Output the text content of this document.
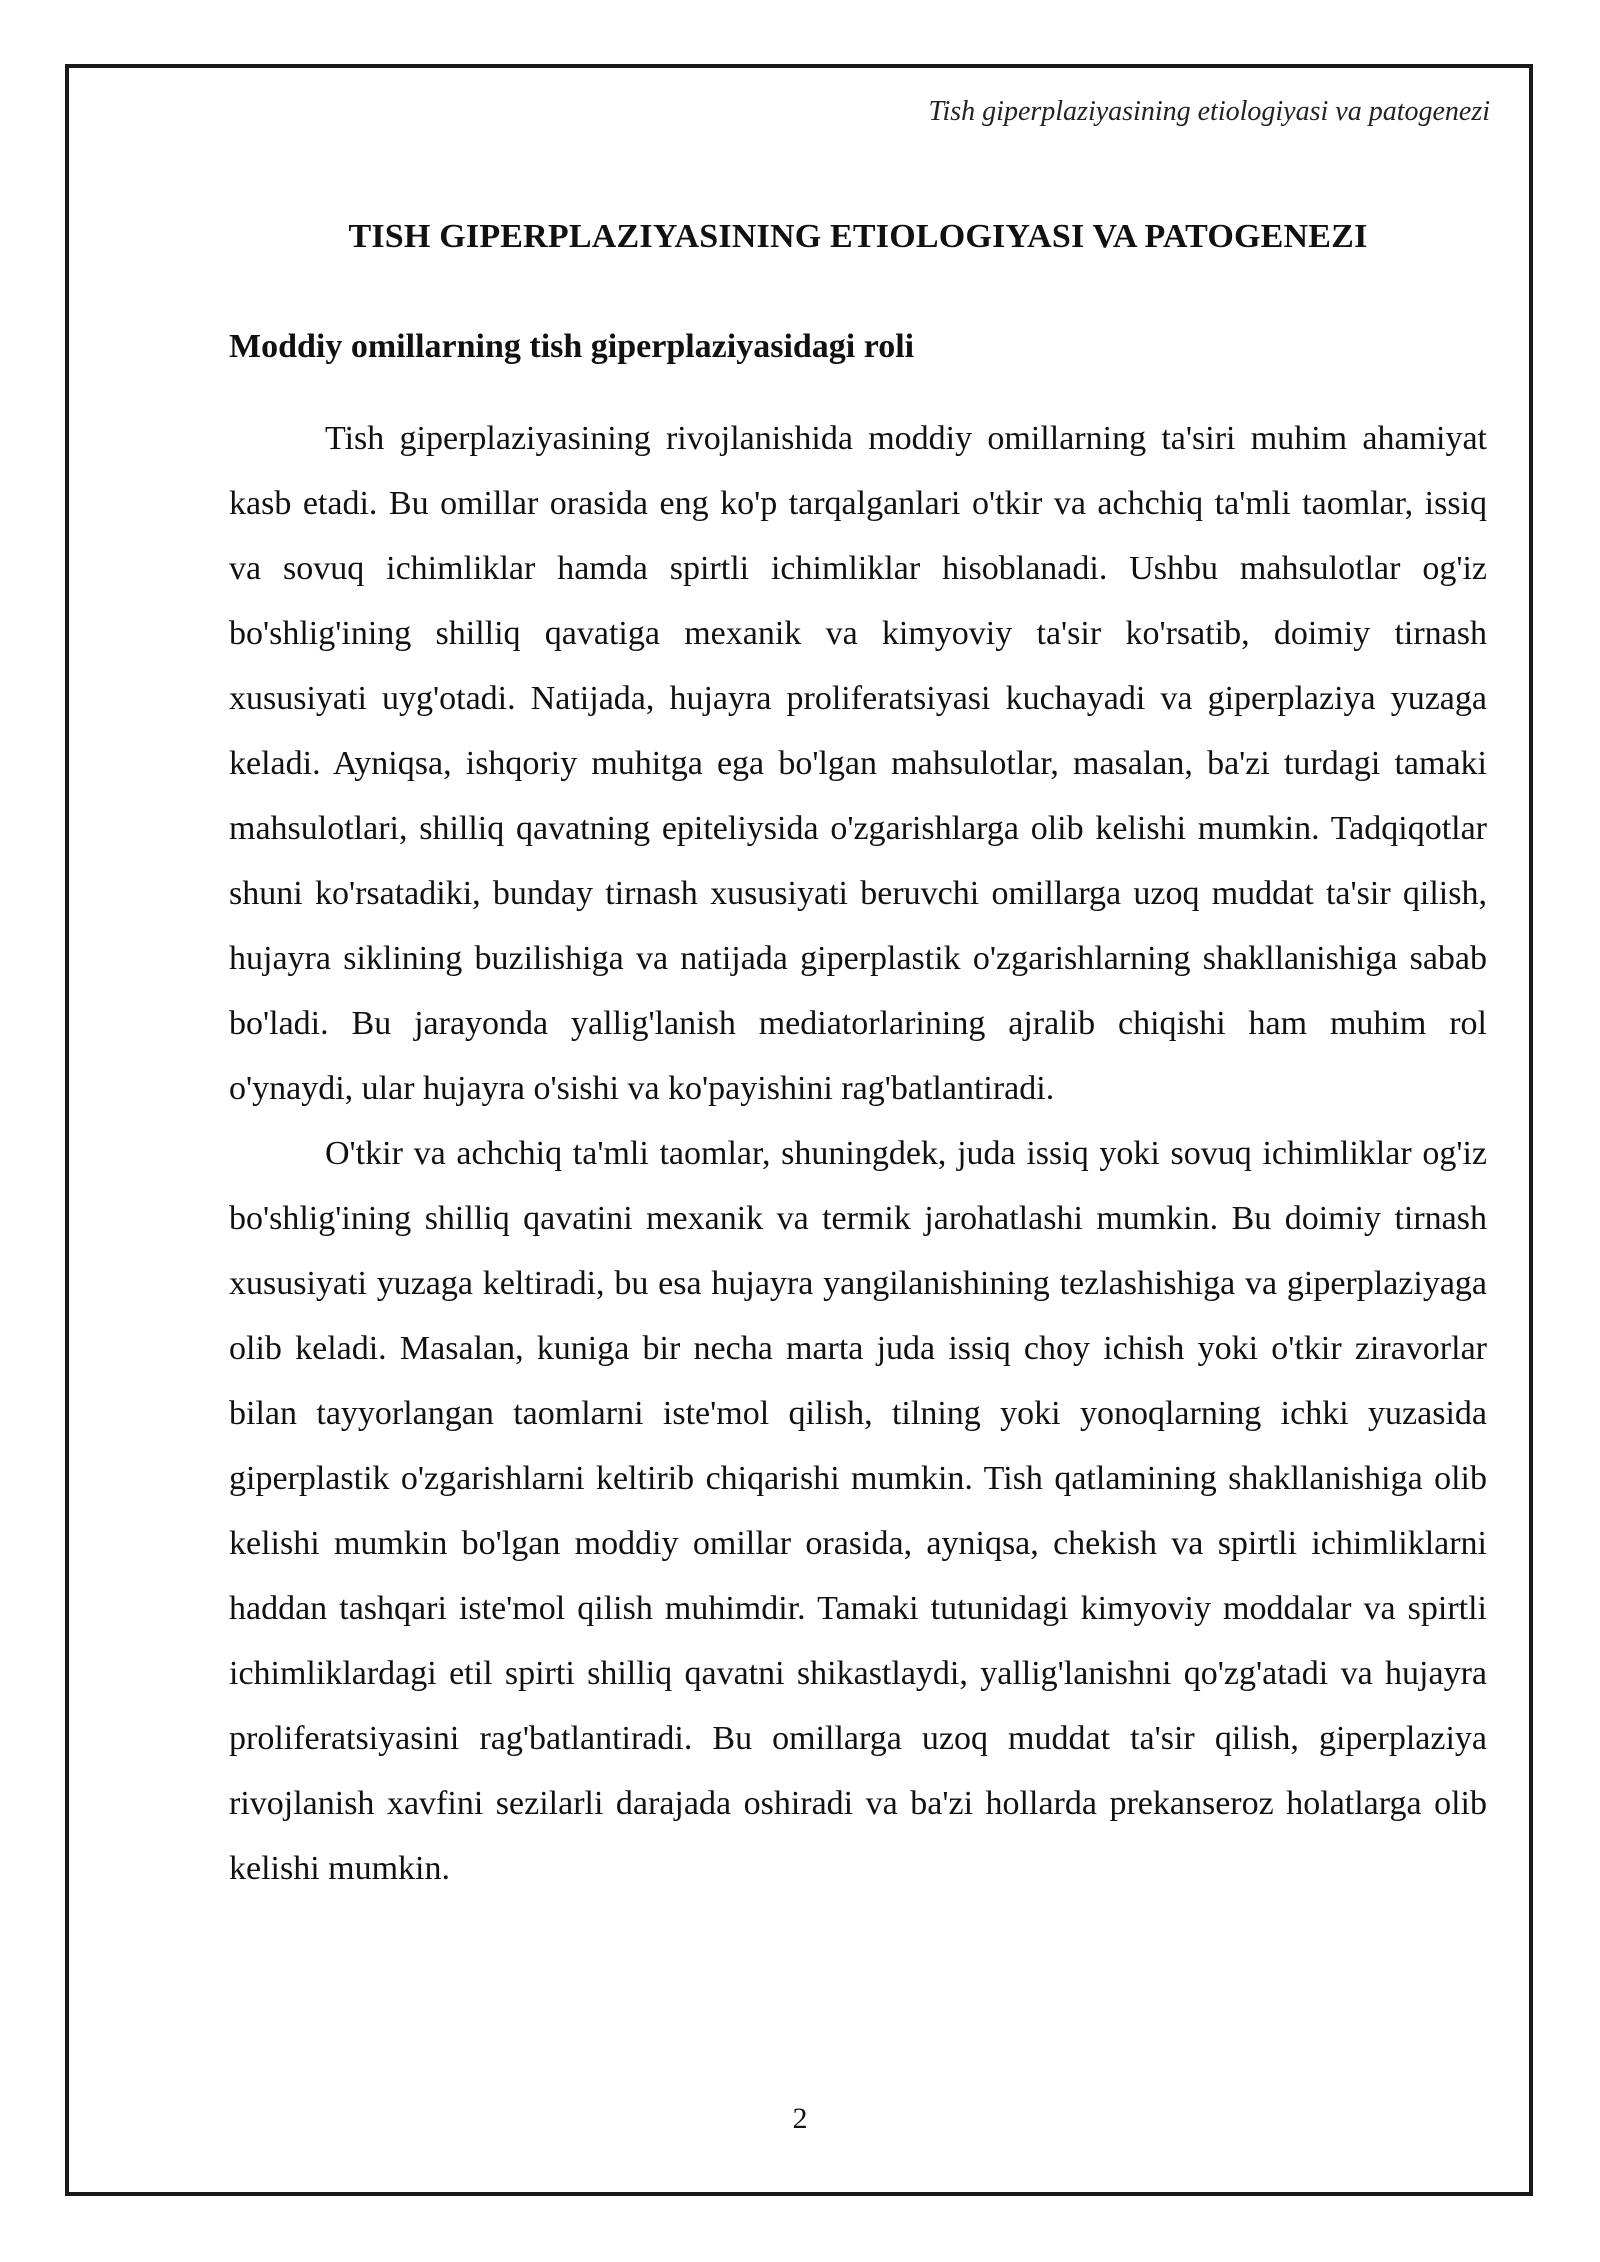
Tish giperplaziyasining etiologiyasi va patogenezi
TISH GIPERPLAZIYASINING ETIOLOGIYASI VA PATOGENEZI
Moddiy omillarning tish giperplaziyasidagi roli

Tish giperplaziyasining rivojlanishida moddiy omillarning ta'siri muhim ahamiyat kasb etadi. Bu omillar orasida eng ko'p tarqalganlari o'tkir va achchiq ta'mli taomlar, issiq va sovuq ichimliklar hamda spirtli ichimliklar hisoblanadi. Ushbu mahsulotlar og'iz bo'shlig'ining shilliq qavatiga mexanik va kimyoviy ta'sir ko'rsatib, doimiy tirnash xususiyati uyg'otadi. Natijada, hujayra proliferatsiyasi kuchayadi va giperplaziya yuzaga keladi. Ayniqsa, ishqoriy muhitga ega bo'lgan mahsulotlar, masalan, ba'zi turdagi tamaki mahsulotlari, shilliq qavatning epiteliysida o'zgarishlarga olib kelishi mumkin. Tadqiqotlar shuni ko'rsatadiki, bunday tirnash xususiyati beruvchi omillarga uzoq muddat ta'sir qilish, hujayra siklining buzilishiga va natijada giperplastik o'zgarishlarning shakllanishiga sabab bo'ladi. Bu jarayonda yallig'lanish mediatorlarining ajralib chiqishi ham muhim rol o'ynaydi, ular hujayra o'sishi va ko'payishini rag'batlantiradi.

O'tkir va achchiq ta'mli taomlar, shuningdek, juda issiq yoki sovuq ichimliklar og'iz bo'shlig'ining shilliq qavatini mexanik va termik jarohatlashi mumkin. Bu doimiy tirnash xususiyati yuzaga keltiradi, bu esa hujayra yangilanishining tezlashishiga va giperplaziyaga olib keladi. Masalan, kuniga bir necha marta juda issiq choy ichish yoki o'tkir ziravorlar bilan tayyorlangan taomlarni iste'mol qilish, tilning yoki yonoqlarning ichki yuzasida giperplastik o'zgarishlarni keltirib chiqarishi mumkin. Tish qatlamining shakllanishiga olib kelishi mumkin bo'lgan moddiy omillar orasida, ayniqsa, chekish va spirtli ichimliklarni haddan tashqari iste'mol qilish muhimdir. Tamaki tutunidagi kimyoviy moddalar va spirtli ichimliklardagi etil spirti shilliq qavatni shikastlaydi, yallig'lanishni qo'zg'atadi va hujayra proliferatsiyasini rag'batlantiradi. Bu omillarga uzoq muddat ta'sir qilish, giperplaziya rivojlanish xavfini sezilarli darajada oshiradi va ba'zi hollarda prekanseroz holatlarga olib kelishi mumkin.

2
